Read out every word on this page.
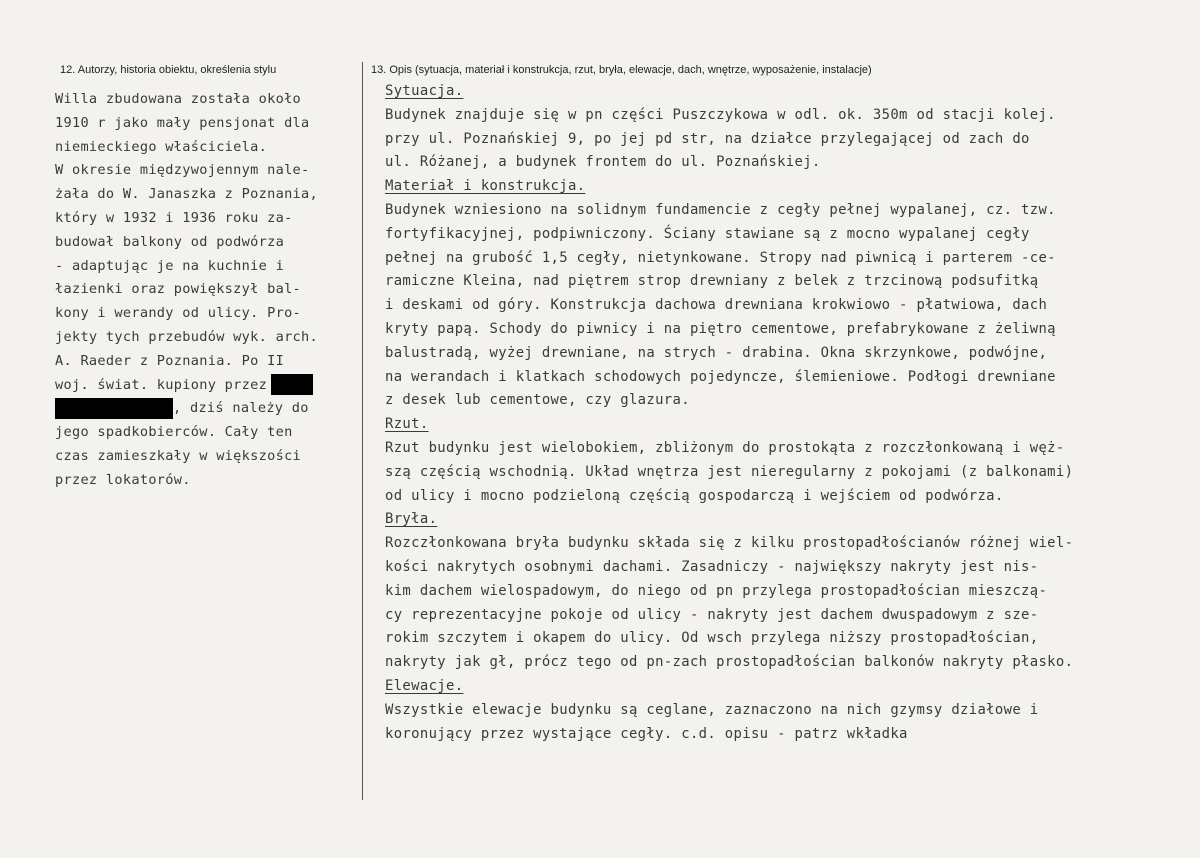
12. Autorzy, historia obiektu, określenia stylu	13. Opis (sytuacja, materiał i konstrukcja, rzut, bryła, elewacje, dach, wnętrze, wyposażenie, instalacje)
Willa zbudowana została około
1910 r jako mały pensjonat dla
niemieckiego właściciela.
W okresie międzywojennym nale-
żała do W. Janaszka z Poznania,
który w 1932 i 1936 roku za-
budował balkony od podwórza
- adaptując je na kuchnie i
łazienki oraz powiększył bal-
kony i werandy od ulicy. Pro-
jekty tych przebudów wyk. arch.
A. Raeder z Poznania. Po II
woj. świat. kupiony przez
, dziś należy do
jego spadkobierców. Cały ten
czas zamieszkały w większości
przez lokatorów.
Sytuacja.
Budynek znajduje się w pn części Puszczykowa w odl. ok. 350m od stacji kolej.
przy ul. Poznańskiej 9, po jej pd str, na działce przylegającej od zach do
ul. Różanej, a budynek frontem do ul. Poznańskiej.
Materiał i konstrukcja.
Budynek wzniesiono na solidnym fundamencie z cegły pełnej wypalanej, cz. tzw.
fortyfikacyjnej, podpiwniczony. Ściany stawiane są z mocno wypalanej cegły
pełnej na grubość 1,5 cegły, nietynkowane. Stropy nad piwnicą i parterem -ce-
ramiczne Kleina, nad piętrem strop drewniany z belek z trzcinową podsufitką
i deskami od góry. Konstrukcja dachowa drewniana krokwiowo - płatwiowa, dach
kryty papą. Schody do piwnicy i na piętro cementowe, prefabrykowane z żeliwną
balustradą, wyżej drewniane, na strych - drabina. Okna skrzynkowe, podwójne,
na werandach i klatkach schodowych pojedyncze, ślemieniowe. Podłogi drewniane
z desek lub cementowe, czy glazura.
Rzut.
Rzut budynku jest wielobokiem, zbliżonym do prostokąta z rozczłonkowaną i węż-
szą częścią wschodnią. Układ wnętrza jest nieregularny z pokojami (z balkonami)
od ulicy i mocno podzieloną częścią gospodarczą i wejściem od podwórza.
Bryła.
Rozczłonkowana bryła budynku składa się z kilku prostopadłościanów różnej wiel-
kości nakrytych osobnymi dachami. Zasadniczy - największy nakryty jest nis-
kim dachem wielospadowym, do niego od pn przylega prostopadłościan mieszczą-
cy reprezentacyjne pokoje od ulicy - nakryty jest dachem dwuspadowym z sze-
rokim szczytem i okapem do ulicy. Od wsch przylega niższy prostopadłościan,
nakryty jak gł, prócz tego od pn-zach prostopadłościan balkonów nakryty płasko.
Elewacje.
Wszystkie elewacje budynku są ceglane, zaznaczono na nich gzymsy działowe i
koronujący przez wystające cegły. c.d. opisu - patrz wkładka
